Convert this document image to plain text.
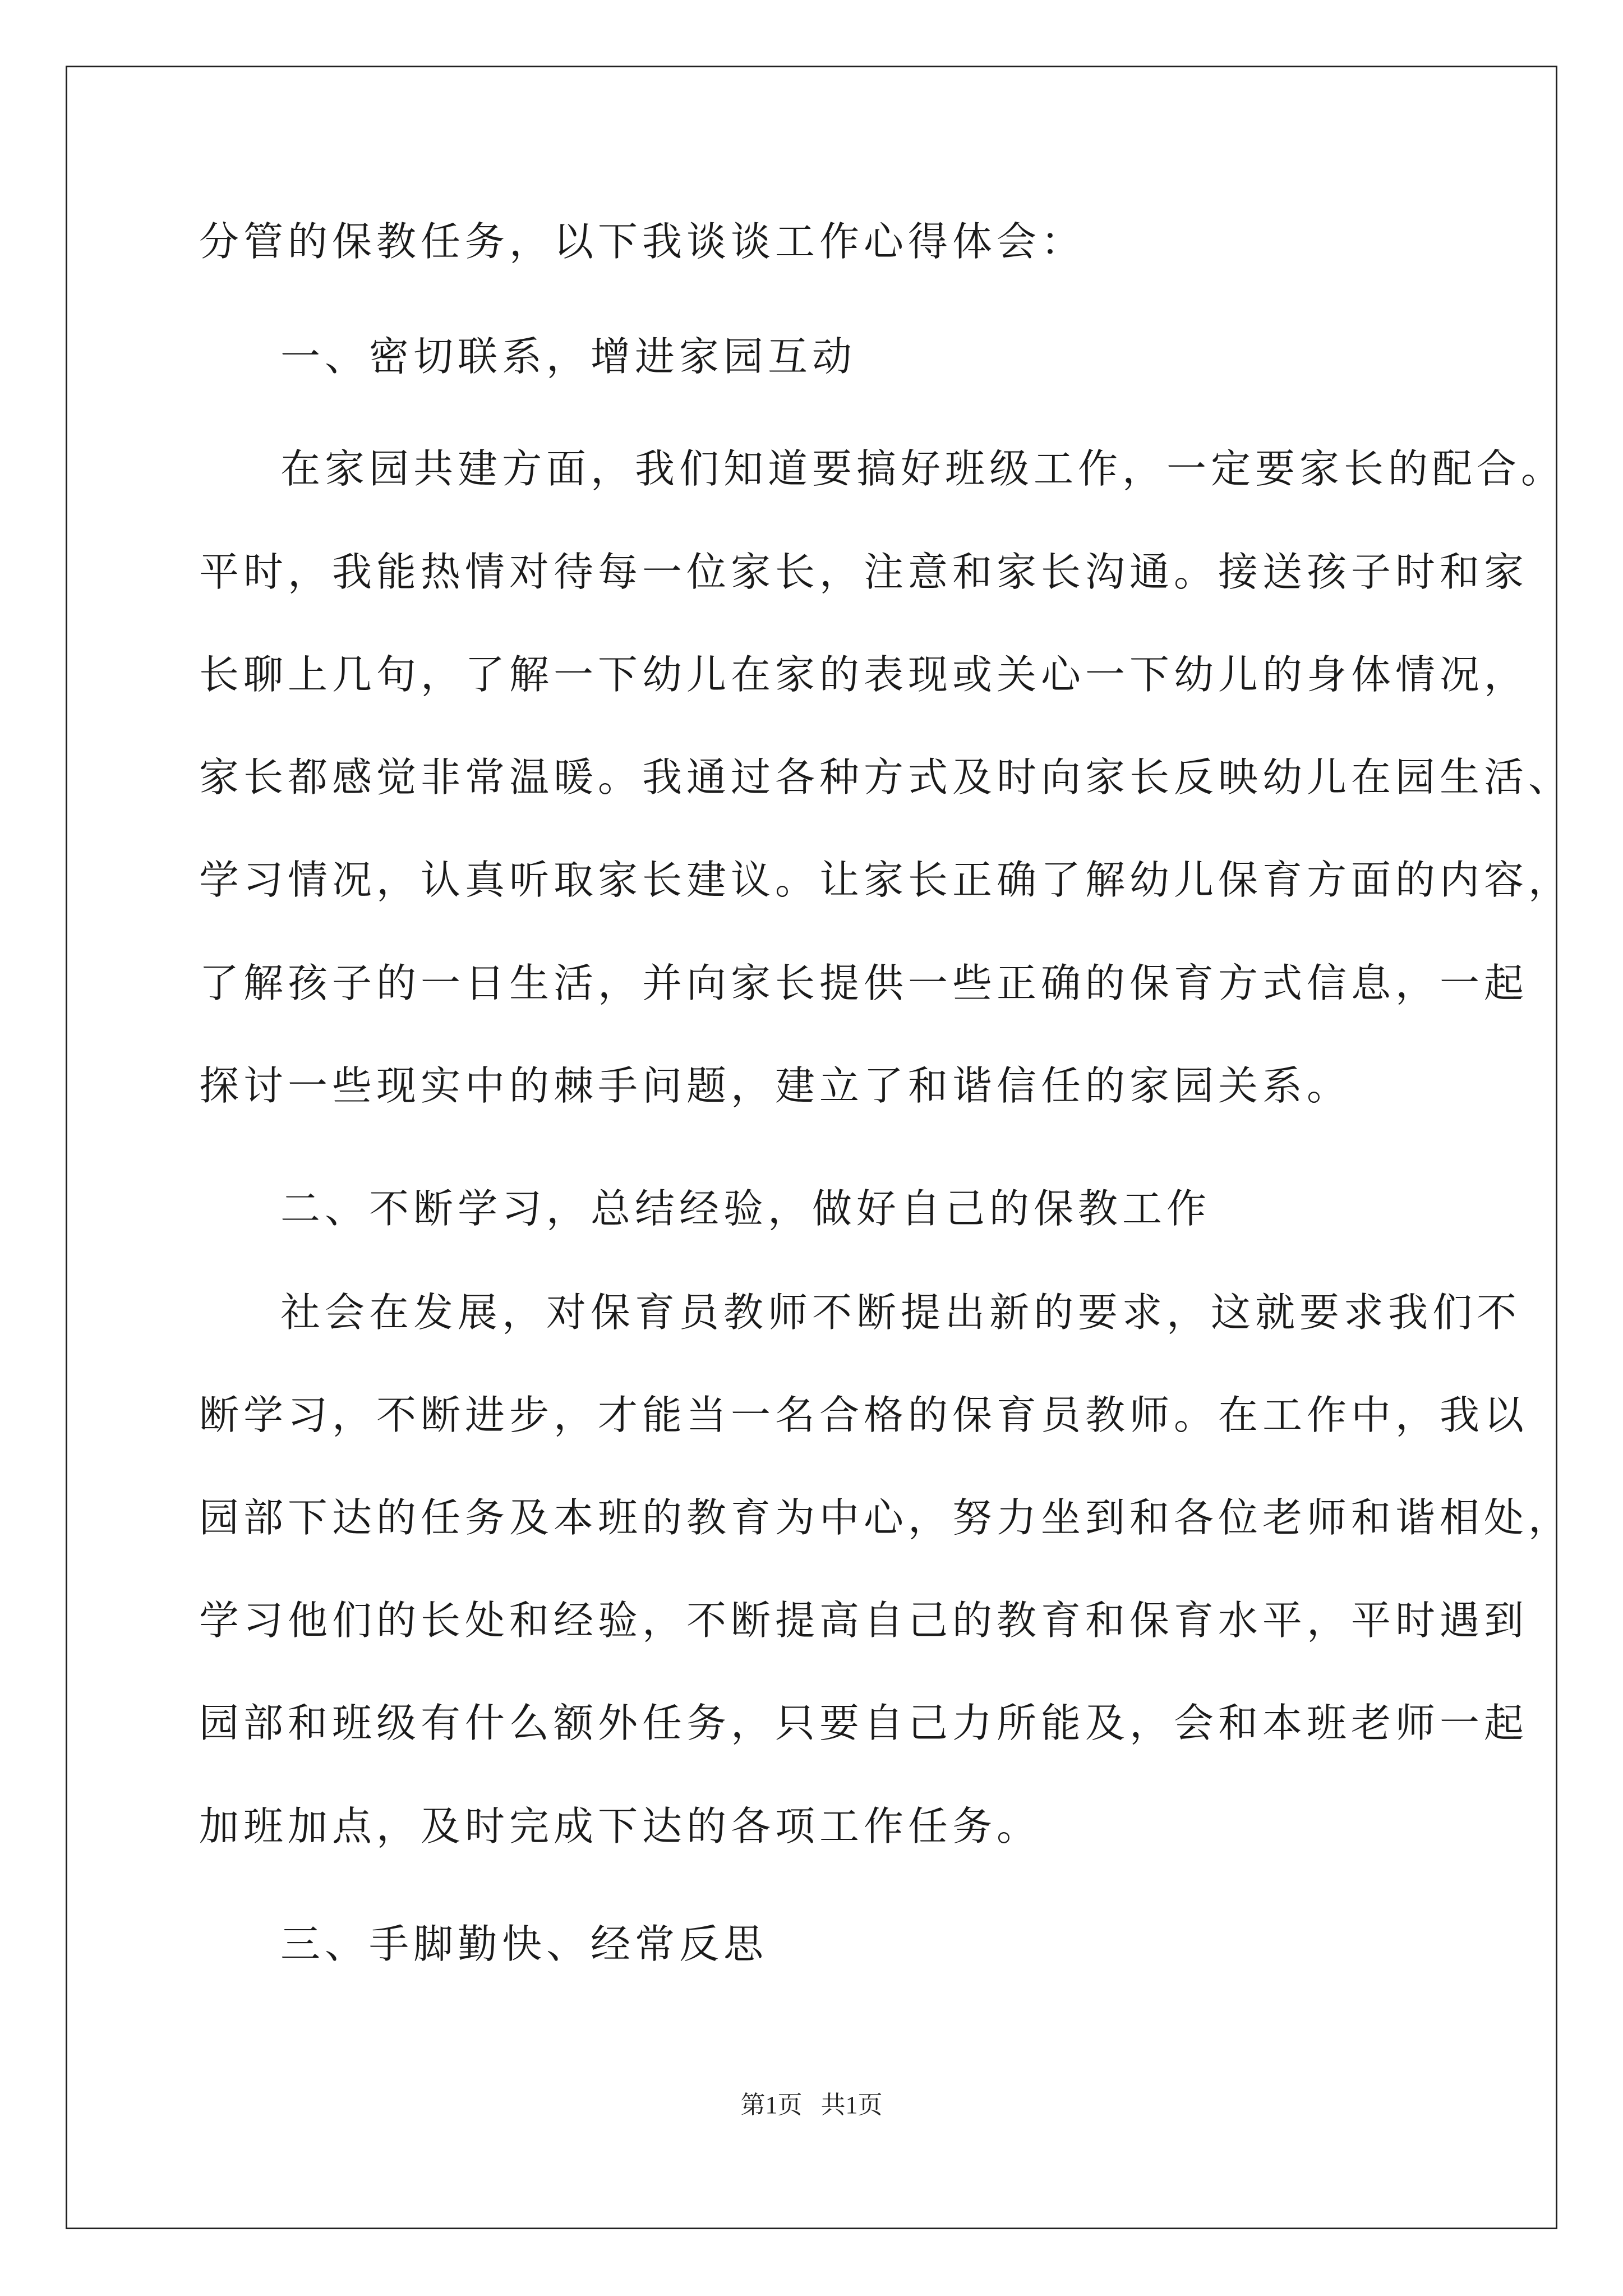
分管的保教任务，以下我谈谈工作心得体会：
一、密切联系，增进家园互动
在家园共建方面，我们知道要搞好班级工作，一定要家长的配合。
平时，我能热情对待每一位家长，注意和家长沟通。接送孩子时和家
长聊上几句，了解一下幼儿在家的表现或关心一下幼儿的身体情况，
家长都感觉非常温暖。我通过各种方式及时向家长反映幼儿在园生活、
学习情况，认真听取家长建议。让家长正确了解幼儿保育方面的内容，
了解孩子的一日生活，并向家长提供一些正确的保育方式信息，一起
探讨一些现实中的棘手问题，建立了和谐信任的家园关系。
二、不断学习，总结经验，做好自己的保教工作
社会在发展，对保育员教师不断提出新的要求，这就要求我们不
断学习，不断进步，才能当一名合格的保育员教师。在工作中，我以
园部下达的任务及本班的教育为中心，努力坐到和各位老师和谐相处，
学习他们的长处和经验，不断提高自己的教育和保育水平，平时遇到
园部和班级有什么额外任务，只要自己力所能及，会和本班老师一起
加班加点，及时完成下达的各项工作任务。
三、手脚勤快、经常反思
第1页   共1页
